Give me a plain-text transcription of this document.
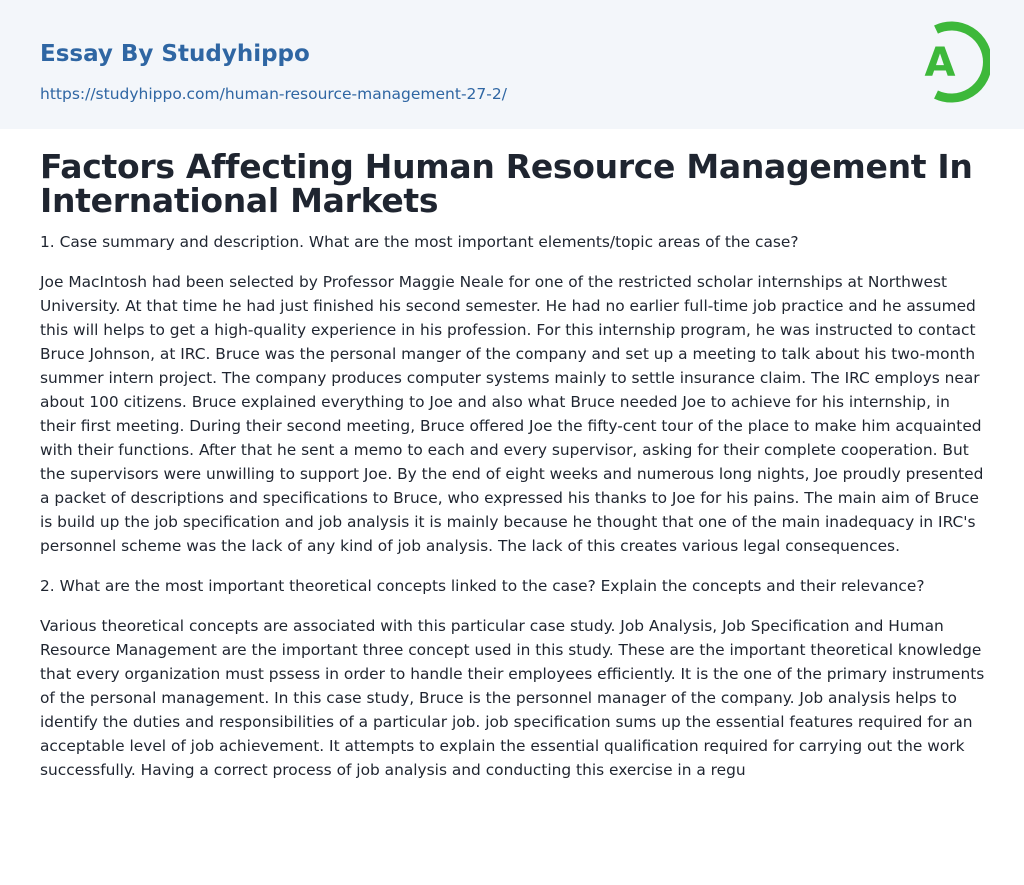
Essay By Studyhippo
https://studyhippo.com/human-resource-management-27-2/
A
Factors Affecting Human Resource Management In International Markets

1. Case summary and description. What are the most important elements/topic areas of the case?

Joe MacIntosh had been selected by Professor Maggie Neale for one of the restricted scholar internships at Northwest University. At that time he had just finished his second semester. He had no earlier full-time job practice and he assumed this will helps to get a high-quality experience in his profession. For this internship program, he was instructed to contact Bruce Johnson, at IRC. Bruce was the personal manger of the company and set up a meeting to talk about his two-month summer intern project. The company produces computer systems mainly to settle insurance claim. The IRC employs near about 100 citizens. Bruce explained everything to Joe and also what Bruce needed Joe to achieve for his internship, in their first meeting. During their second meeting, Bruce offered Joe the fifty-cent tour of the place to make him acquainted with their functions. After that he sent a memo to each and every supervisor, asking for their complete cooperation. But the supervisors were unwilling to support Joe. By the end of eight weeks and numerous long nights, Joe proudly presented a packet of descriptions and specifications to Bruce, who expressed his thanks to Joe for his pains. The main aim of Bruce is build up the job specification and job analysis it is mainly because he thought that one of the main inadequacy in IRC's personnel scheme was the lack of any kind of job analysis. The lack of this creates various legal consequences.

2. What are the most important theoretical concepts linked to the case? Explain the concepts and their relevance?

Various theoretical concepts are associated with this particular case study. Job Analysis, Job Specification and Human Resource Management are the important three concept used in this study. These are the important theoretical knowledge that every organization must pssess in order to handle their employees efficiently. It is the one of the primary instruments of the personal management. In this case study, Bruce is the personnel manager of the company. Job analysis helps to identify the duties and responsibilities of a particular job. job specification sums up the essential features required for an acceptable level of job achievement. It attempts to explain the essential qualification required for carrying out the work successfully. Having a correct process of job analysis and conducting this exercise in a regu
